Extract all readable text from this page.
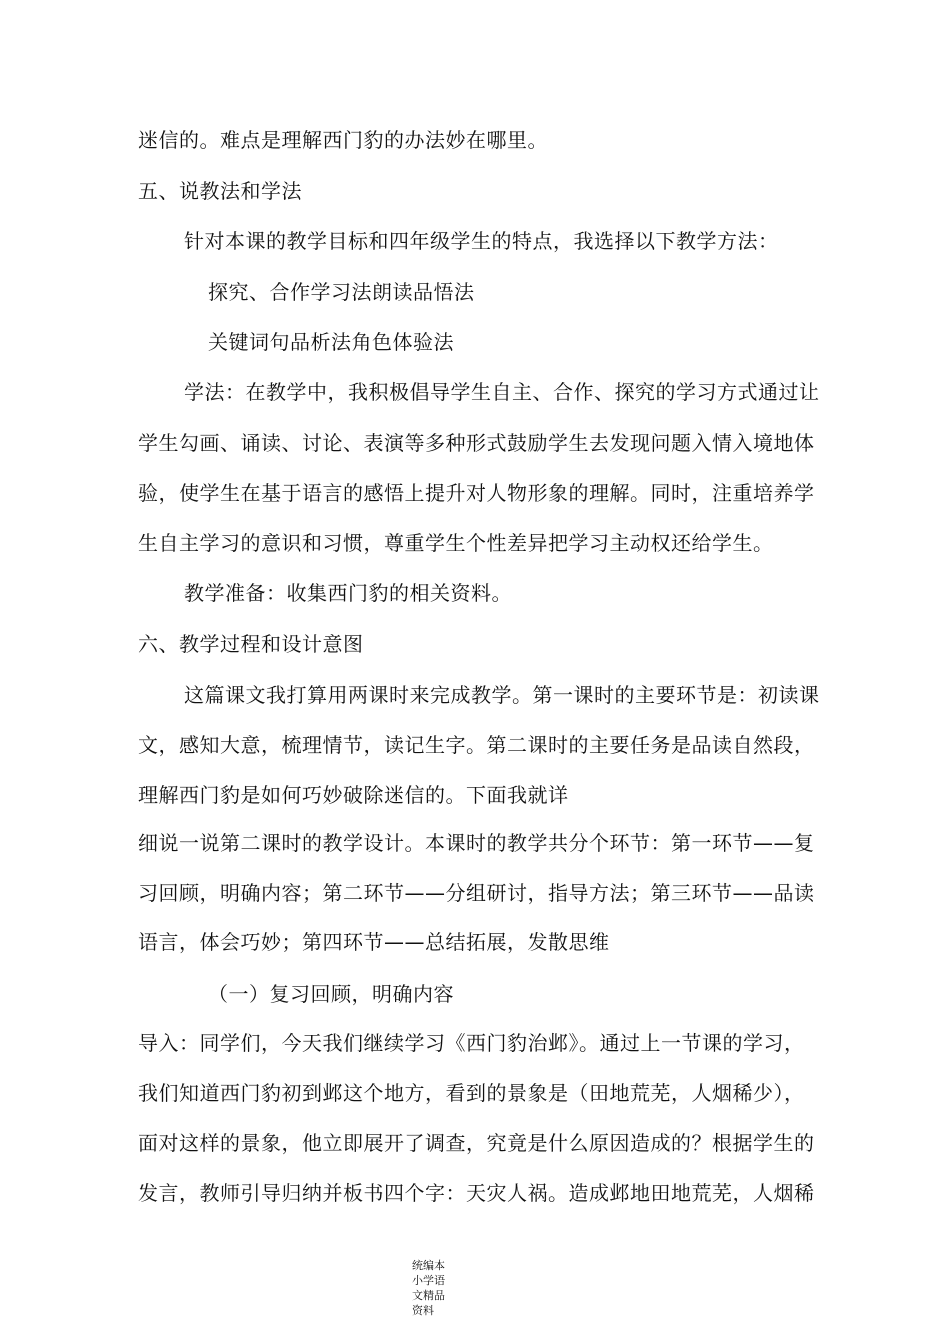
迷信的。难点是理解西门豹的办法妙在哪里。
五、说教法和学法
针对本课的教学目标和四年级学生的特点，我选择以下教学方法：
探究、合作学习法朗读品悟法
关键词句品析法角色体验法
学法：在教学中，我积极倡导学生自主、合作、探究的学习方式通过让
学生勾画、诵读、讨论、表演等多种形式鼓励学生去发现问题入情入境地体
验，使学生在基于语言的感悟上提升对人物形象的理解。同时，注重培养学
生自主学习的意识和习惯，尊重学生个性差异把学习主动权还给学生。
教学准备：收集西门豹的相关资料。
六、教学过程和设计意图
这篇课文我打算用两课时来完成教学。第一课时的主要环节是：初读课
文，感知大意，梳理情节，读记生字。第二课时的主要任务是品读自然段，
理解西门豹是如何巧妙破除迷信的。下面我就详
细说一说第二课时的教学设计。本课时的教学共分个环节：第一环节——复
习回顾，明确内容；第二环节——分组研讨，指导方法；第三环节——品读
语言，体会巧妙；第四环节——总结拓展，发散思维
（一）复习回顾，明确内容
导入：同学们，今天我们继续学习《西门豹治邺》。通过上一节课的学习，
我们知道西门豹初到邺这个地方，看到的景象是（田地荒芜，人烟稀少），
面对这样的景象，他立即展开了调查，究竟是什么原因造成的？根据学生的
发言，教师引导归纳并板书四个字：天灾人祸。造成邺地田地荒芜，人烟稀
统编本小学语文精品资料
